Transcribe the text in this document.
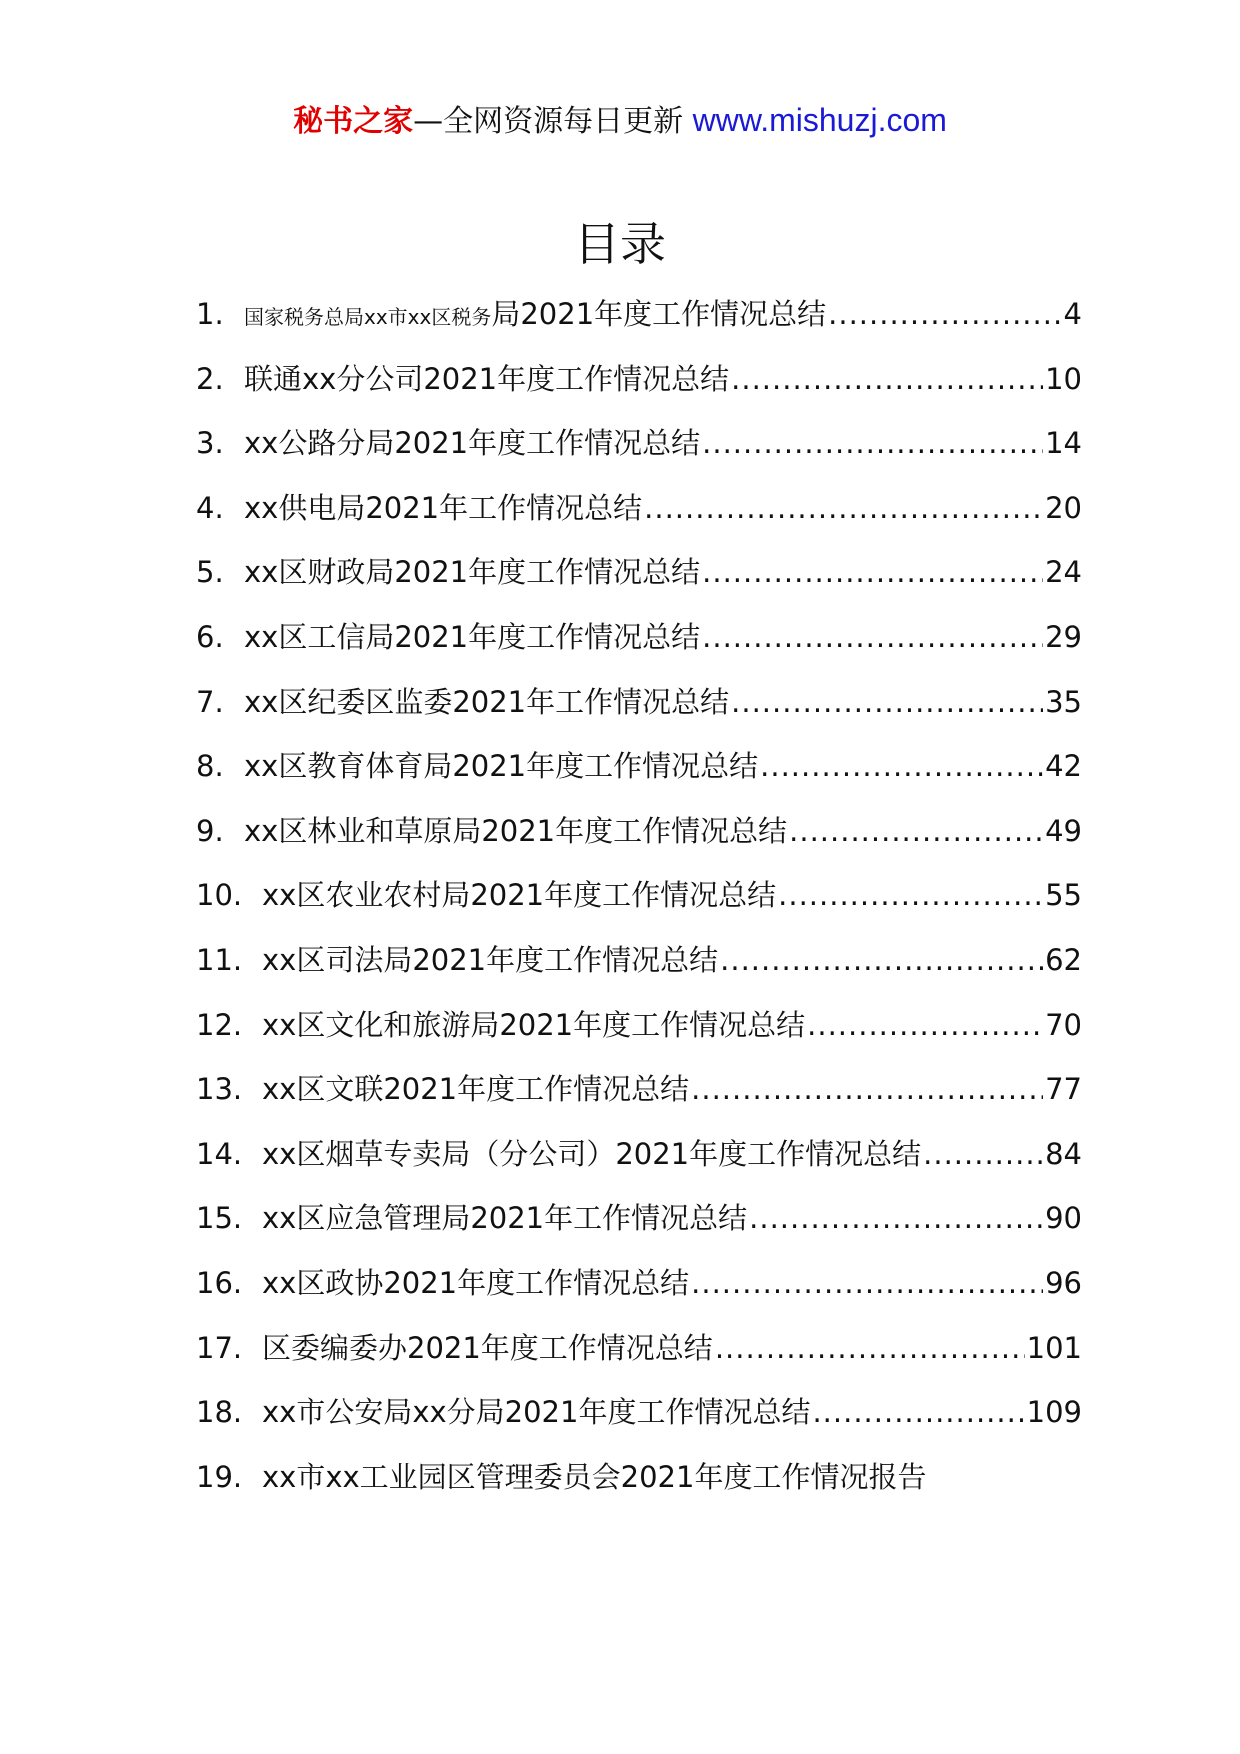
秘书之家—全网资源每日更新 www.mishuzj.com
目录
1.	国家税务总局xx市xx区税务局2021年度工作情况总结 .....	4
2. 联通xx分公司2021年度工作情况总结 .....	10
3. xx公路分局2021年度工作情况总结 .....	14
4. xx供电局2021年工作情况总结 .....	20
5. xx区财政局2021年度工作情况总结 .....	24
6. xx区工信局2021年度工作情况总结 .....	29
7. xx区纪委区监委2021年工作情况总结 .....	35
8. xx区教育体育局2021年度工作情况总结 .....	42
9. xx区林业和草原局2021年度工作情况总结 .....	49
10. xx区农业农村局2021年度工作情况总结 .....	55
11. xx区司法局2021年度工作情况总结 .....	62
12. xx区文化和旅游局2021年度工作情况总结 .....	70
13. xx区文联2021年度工作情况总结 .....	77
14. xx区烟草专卖局（分公司）2021年度工作情况总结 .....	84
15. xx区应急管理局2021年工作情况总结 .....	90
16. xx区政协2021年度工作情况总结 .....	96
17. 区委编委办2021年度工作情况总结 .....	101
18. xx市公安局xx分局2021年度工作情况总结 .....	109
19. xx市xx工业园区管理委员会2021年度工作情况报告
